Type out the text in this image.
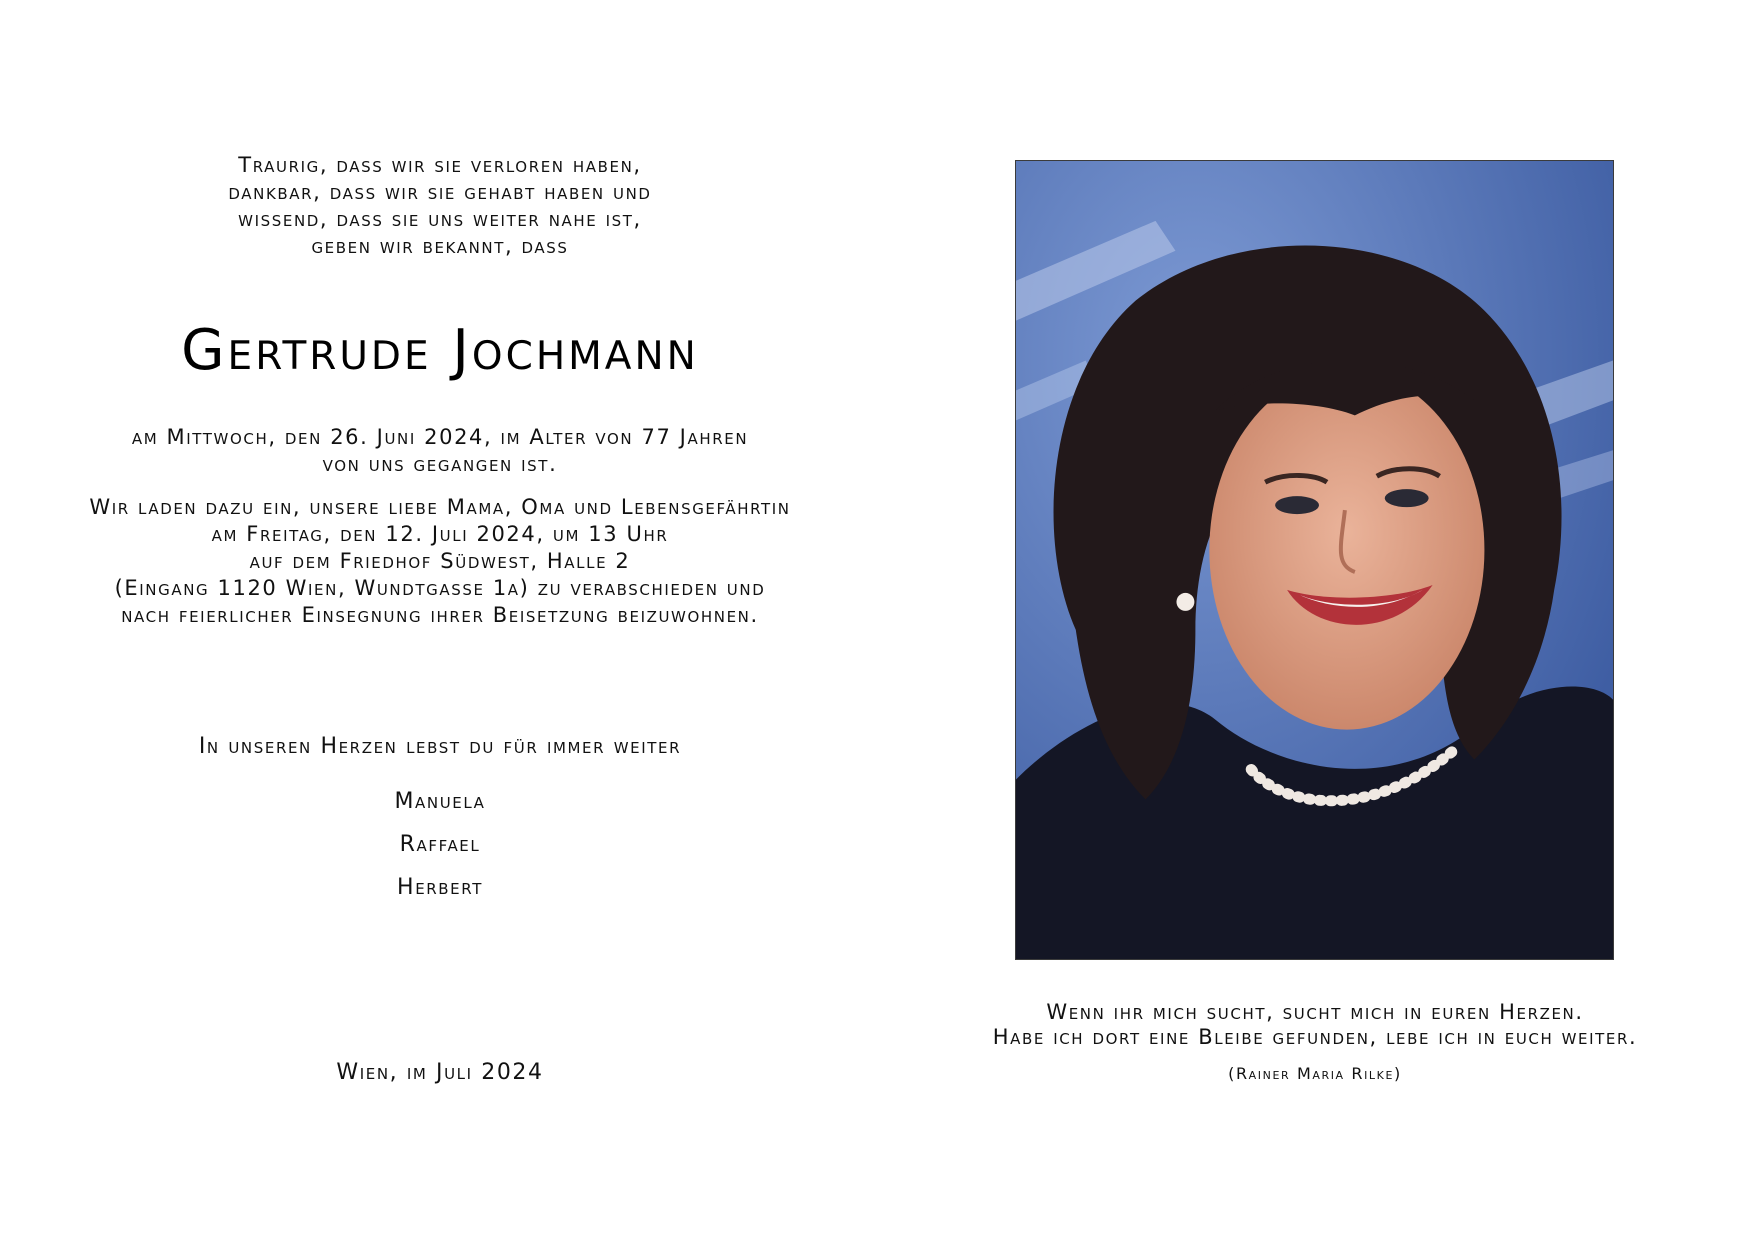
Traurig, dass wir sie verloren haben,
dankbar, dass wir sie gehabt haben und
wissend, dass sie uns weiter nahe ist,
geben wir bekannt, dass
Gertrude Jochmann
am Mittwoch, den 26. Juni 2024, im Alter von 77 Jahren
von uns gegangen ist.
Wir laden dazu ein, unsere liebe Mama, Oma und Lebensgefährtin
am Freitag, den 12. Juli 2024, um 13 Uhr
auf dem Friedhof Südwest, Halle 2
(Eingang 1120 Wien, Wundtgasse 1a) zu verabschieden und
nach feierlicher Einsegnung ihrer Beisetzung beizuwohnen.
In unseren Herzen lebst du für immer weiter
Manuela
Raffael
Herbert
Wien, im Juli 2024
Wenn ihr mich sucht, sucht mich in euren Herzen.
Habe ich dort eine Bleibe gefunden, lebe ich in euch weiter.
(Rainer Maria Rilke)
